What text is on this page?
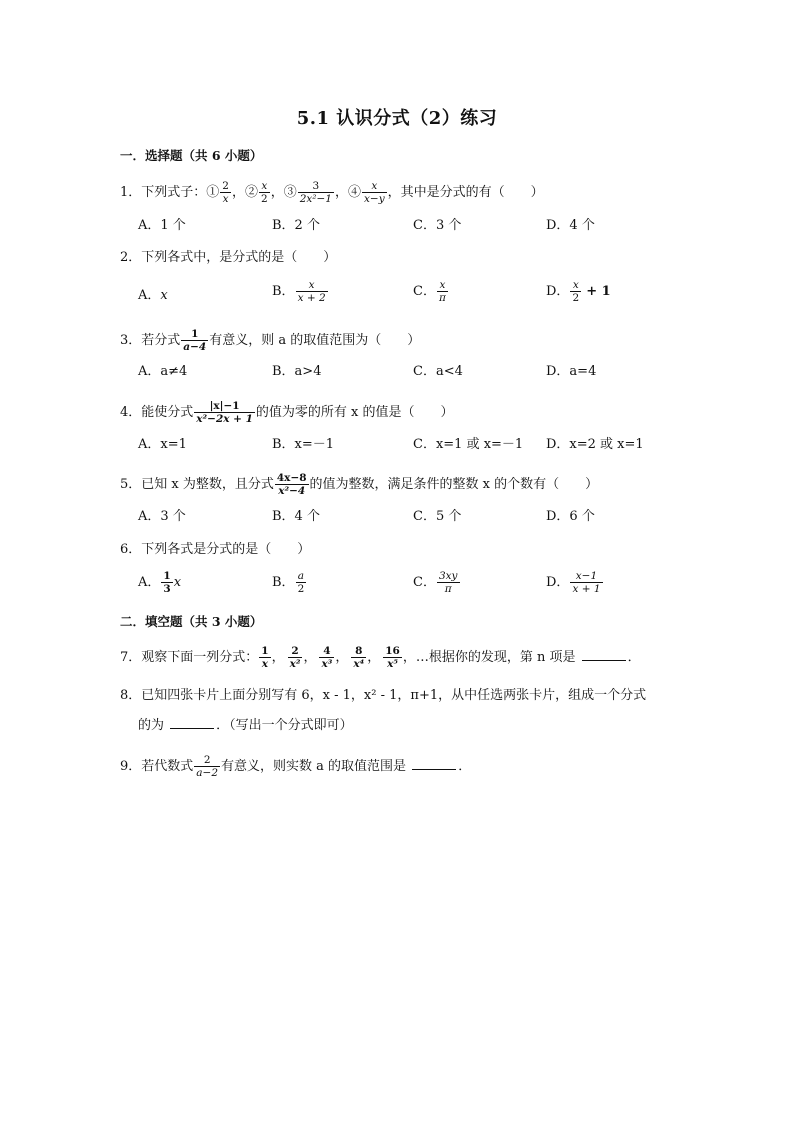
5.1 认识分式（2）练习
一．选择题（共 6 小题）
1．下列式子：① $\frac{2}{x}$ ，② $\frac{x}{2}$ ，③ $\frac{3}{\text{2x²−1}}$ ，④ $\frac{x}{x-y}$ ，其中是分式的有（　　）
A．1 个	B．2 个	C．3 个	D．4 个
2．下列各式中，是分式的是（　　）
A．x	B． $\frac{x}{x + 2}$	C． $\frac{x}{\pi}$	D． $\frac{x}{2} + 1$
3．若分式 $\frac{1}{a-4}$ 有意义，则 a 的取值范围为（　　）
A．a≠4	B．a>4	C．a<4	D．a=4
4．能使分式 $\frac{|x|-1}{\text{x²−2x + 1}}$ 的值为零的所有 x 的值是（　　）
A．x=1	B．x=－1	C．x=1 或 x=－1 D．x=2 或 x=1
5．已知 x 为整数，且分式 $\frac{4x-8}{\text{x²−4}}$ 的值为整数，满足条件的整数 x 的个数有（　　）
A．3 个	B．4 个	C．5 个	D．6 个
6．下列各式是分式的是（　　）
A． $\frac{1}{3}$ x	B． $\frac{a}{2}$	C． $\frac{3xy}{\pi}$	D． $\frac{x-1}{x + 1}$
二．填空题（共 3 小题）
7．观察下面一列分式： $\frac{1}{x}$ ， $\frac{2}{\text{x²}}$ ， $\frac{4}{\text{x³}}$ ， $\frac{8}{\text{x⁴}}$ ， $\frac{16}{\text{x⁵}}$ ，…根据你的发现，第 n 项是	．
8．已知四张卡片上面分别写有 6，x - 1，x² - 1，π+1，从中任选两张卡片，组成一个分式
的为	．（写出一个分式即可）
9．若代数式 $\frac{2}{a-2}$ 有意义，则实数 a 的取值范围是	．
